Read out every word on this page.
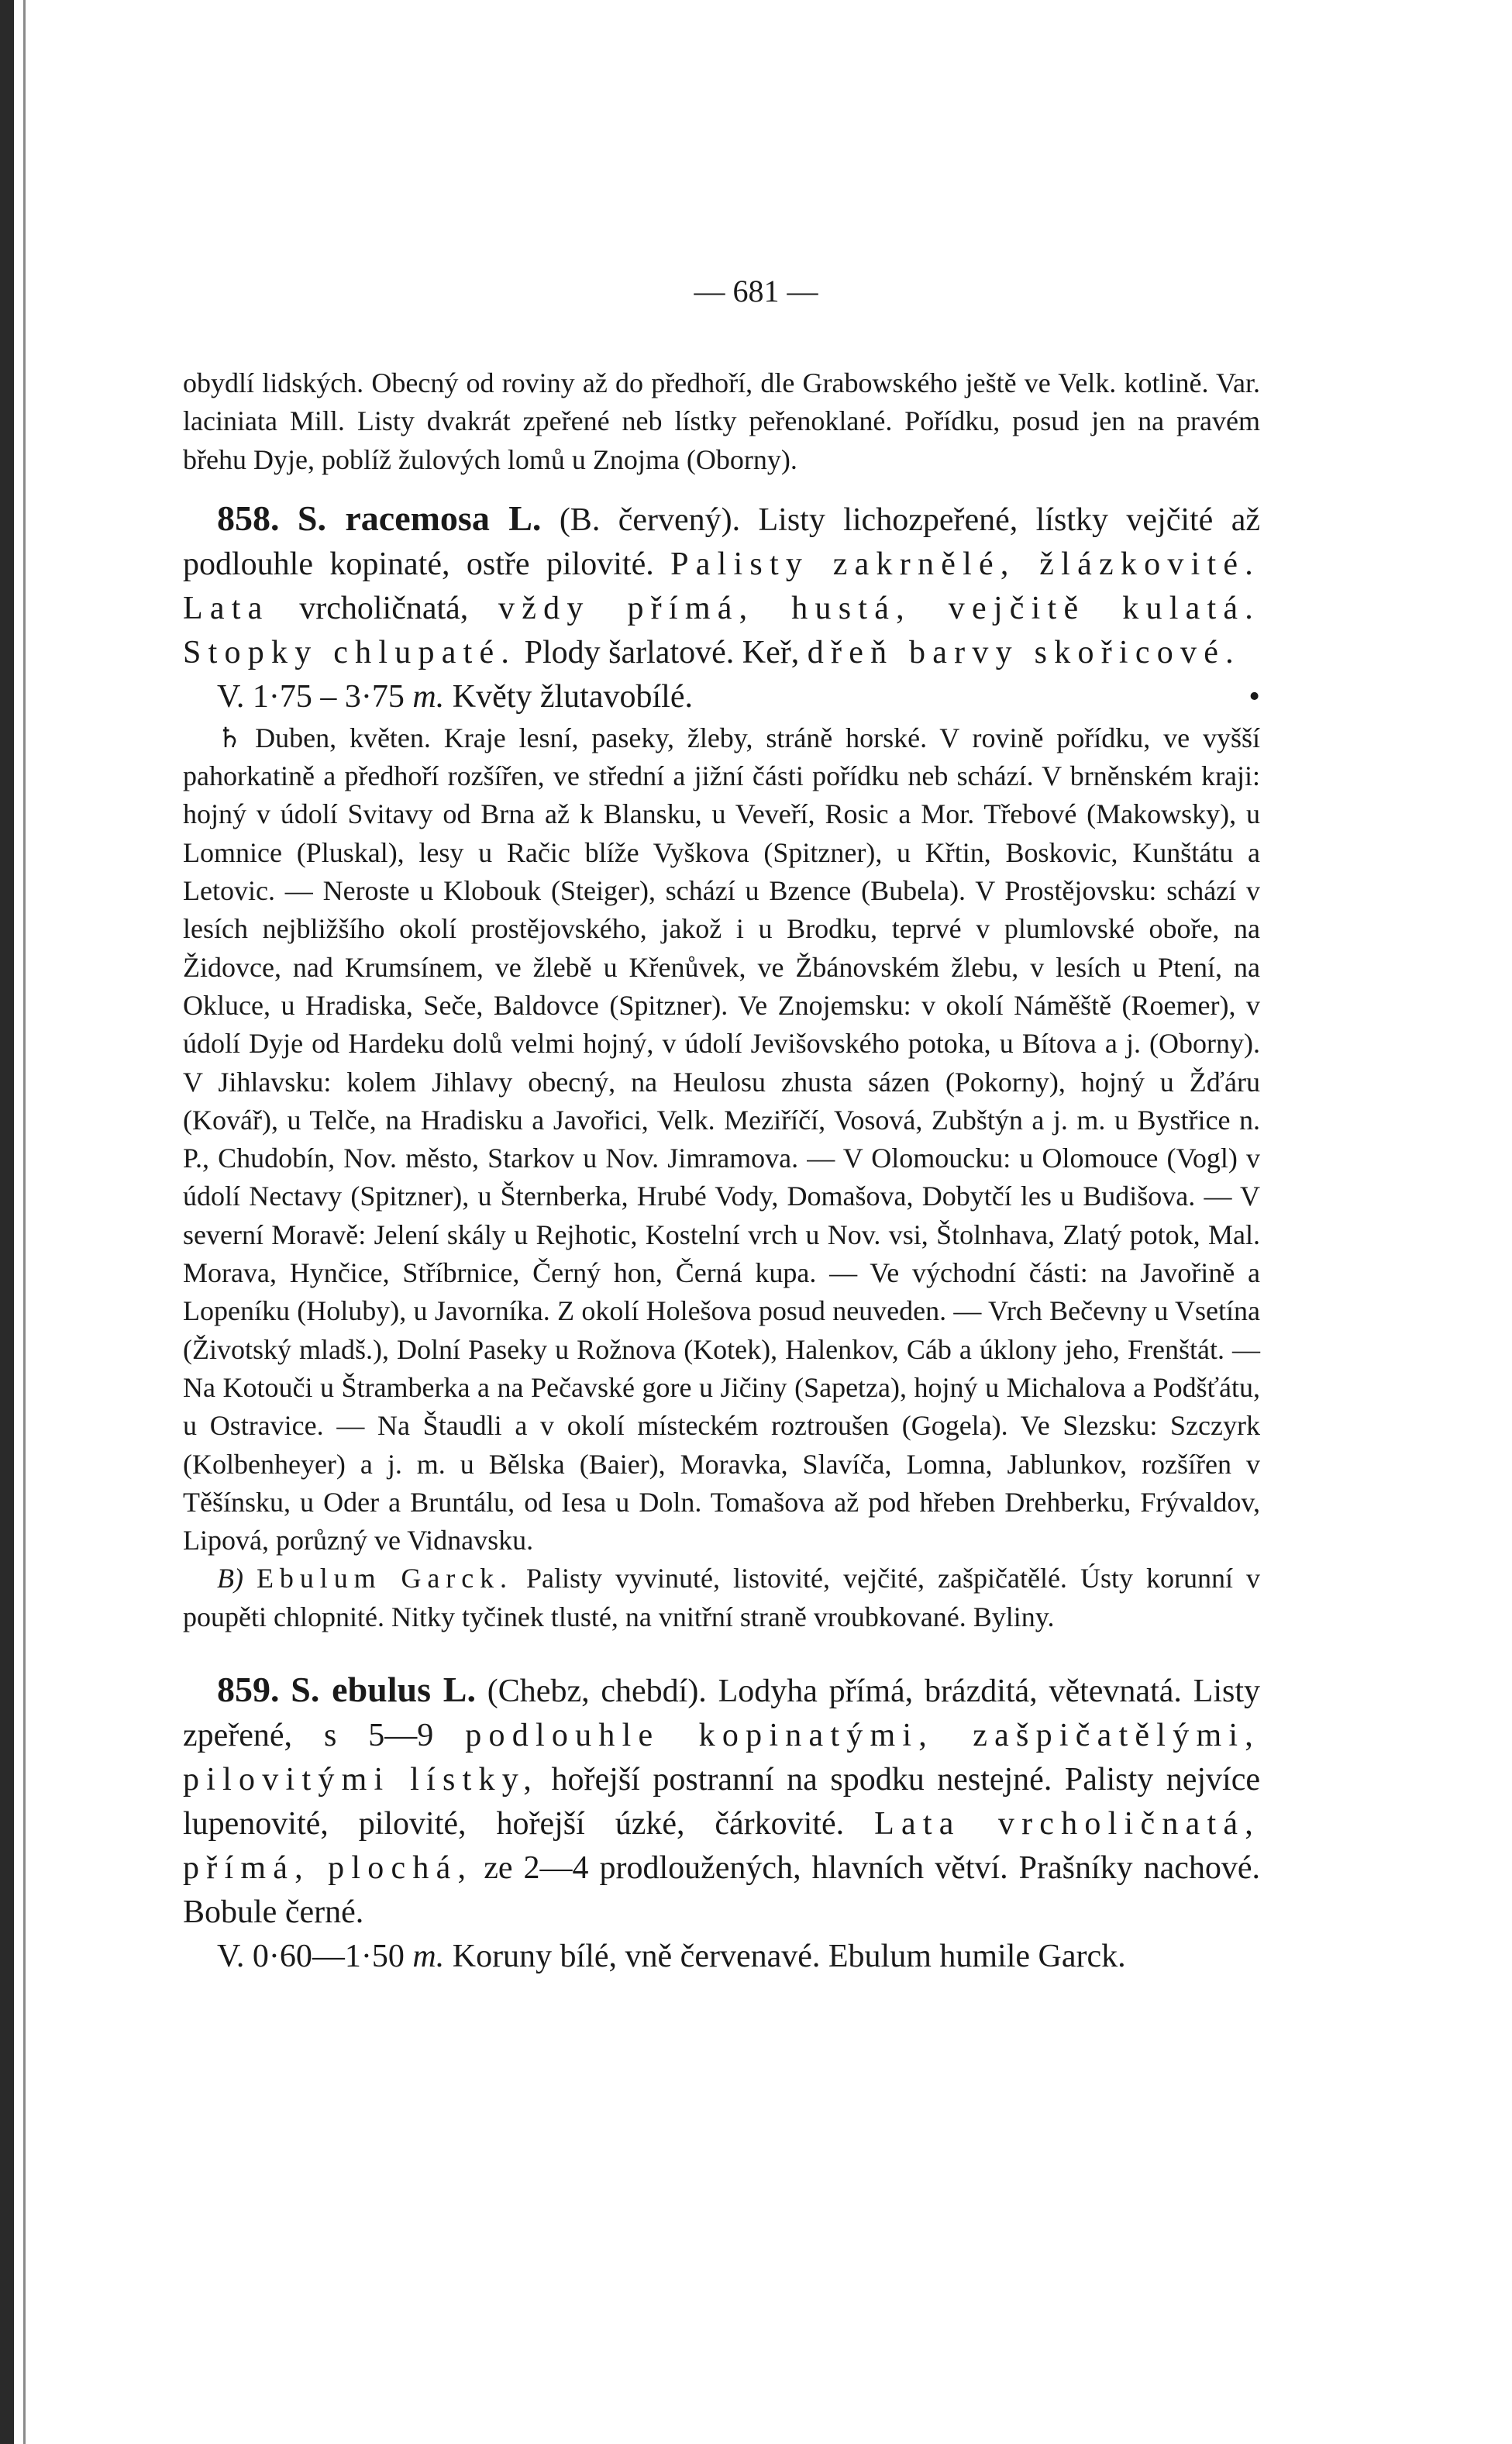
— 681 —

obydlí lidských. Obecný od roviny až do předhoří, dle Grabowského ještě ve Velk. kotlině. Var. laciniata Mill. Listy dvakrát zpeřené neb lístky peřenoklané. Pořídku, posud jen na pravém břehu Dyje, poblíž žulových lomů u Znojma (Oborny).

858. S. racemosa L. (B. červený). Listy lichozpeřené, lístky vejčité až podlouhle kopinaté, ostře pilovité. Palisty zakrnělé, žlázkovité. Lata vrcholičnatá, vždy přímá, hustá, vejčitě kulatá. Stopky chlupaté. Plody šarlatové. Keř, dřeň barvy skořicové.

V. 1·75 – 3·75 m. Květy žlutavobílé.	•

♄ Duben, květen. Kraje lesní, paseky, žleby, stráně horské. V rovině pořídku, ve vyšší pahorkatině a předhoří rozšířen, ve střední a jižní části pořídku neb schází. V brněnském kraji: hojný v údolí Svitavy od Brna až k Blansku, u Veveří, Rosic a Mor. Třebové (Makowsky), u Lomnice (Pluskal), lesy u Račic blíže Vyškova (Spitzner), u Křtin, Boskovic, Kunštátu a Letovic. — Neroste u Klobouk (Steiger), schází u Bzence (Bubela). V Prostějovsku: schází v lesích nejbližšího okolí prostějovského, jakož i u Brodku, teprvé v plumlovské oboře, na Židovce, nad Krumsínem, ve žlebě u Křenůvek, ve Žbánovském žlebu, v lesích u Ptení, na Okluce, u Hradiska, Seče, Baldovce (Spitzner). Ve Znojemsku: v okolí Náměště (Roemer), v údolí Dyje od Hardeku dolů velmi hojný, v údolí Jevišovského potoka, u Bítova a j. (Oborny). V Jihlavsku: kolem Jihlavy obecný, na Heulosu zhusta sázen (Pokorny), hojný u Žďáru (Kovář), u Telče, na Hradisku a Javořici, Velk. Meziříčí, Vosová, Zubštýn a j. m. u Bystřice n. P., Chudobín, Nov. město, Starkov u Nov. Jimramova. — V Olomoucku: u Olomouce (Vogl) v údolí Nectavy (Spitzner), u Šternberka, Hrubé Vody, Domašova, Dobytčí les u Budišova. — V severní Moravě: Jelení skály u Rejhotic, Kostelní vrch u Nov. vsi, Štolnhava, Zlatý potok, Mal. Morava, Hynčice, Stříbrnice, Černý hon, Černá kupa. — Ve východní části: na Javořině a Lopeníku (Holuby), u Javorníka. Z okolí Holešova posud neuveden. — Vrch Bečevny u Vsetína (Životský mladš.), Dolní Paseky u Rožnova (Kotek), Halenkov, Cáb a úklony jeho, Frenštát. — Na Kotouči u Štramberka a na Pečavské gore u Jičiny (Sapetza), hojný u Michalova a Podšťátu, u Ostravice. — Na Štaudli a v okolí místeckém roztroušen (Gogela). Ve Slezsku: Szczyrk (Kolbenheyer) a j. m. u Bělska (Baier), Moravka, Slavíča, Lomna, Jablunkov, rozšířen v Těšínsku, u Oder a Bruntálu, od Iesa u Doln. Tomašova až pod hřeben Drehberku, Frývaldov, Lipová, porůzný ve Vidnavsku.

B) Ebulum Garck. Palisty vyvinuté, listovité, vejčité, zašpičatělé. Ústy korunní v poupěti chlopnité. Nitky tyčinek tlusté, na vnitřní straně vroubkované. Byliny.

859. S. ebulus L. (Chebz, chebdí). Lodyha přímá, brázditá, větevnatá. Listy zpeřené, s 5—9 podlouhle kopinatými, zašpičatělými, pilovitými lístky, hořejší postranní na spodku nestejné. Palisty nejvíce lupenovité, pilovité, hořejší úzké, čárkovité. Lata vrcholičnatá, přímá, plochá, ze 2—4 prodloužených, hlavních větví. Prašníky nachové. Bobule černé.

V. 0·60—1·50 m. Koruny bílé, vně červenavé. Ebulum humile Garck.
